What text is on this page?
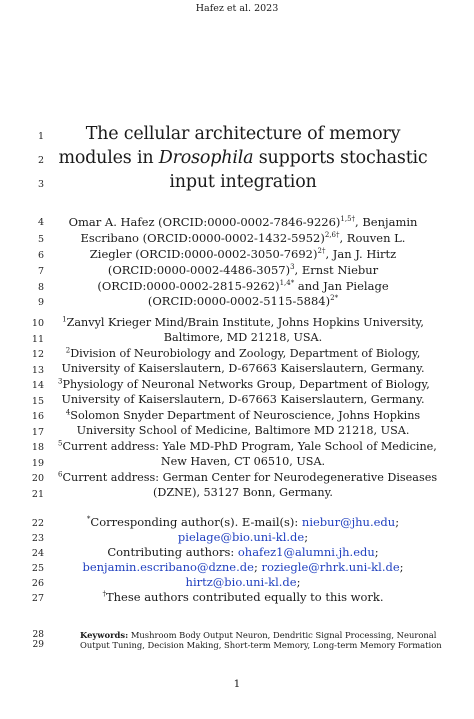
Hafez et al. 2023
1
2
3
4
5
6
7
8
9
10
11
12
13
14
15
16
17
18
19
20
21
22
23
24
25
26
27
28
29
The cellular architecture of memory
modules in Drosophila supports stochastic
input integration
Omar A. Hafez (ORCID:0000-0002-7846-9226)$^{1,5\dagger}$, Benjamin
Escribano (ORCID:0000-0002-1432-5952)$^{2,6\dagger}$, Rouven L.
Ziegler (ORCID:0000-0002-3050-7692)$^{2\dagger}$, Jan J. Hirtz
(ORCID:0000-0002-4486-3057)$^3$, Ernst Niebur
(ORCID:0000-0002-2815-9262)$^{1,4*}$ and Jan Pielage
(ORCID:0000-0002-5115-5884)$^{2*}$
$^1$Zanvyl Krieger Mind/Brain Institute, Johns Hopkins University,
Baltimore, MD 21218, USA.
$^2$Division of Neurobiology and Zoology, Department of Biology,
University of Kaiserslautern, D-67663 Kaiserslautern, Germany.
$^3$Physiology of Neuronal Networks Group, Department of Biology,
University of Kaiserslautern, D-67663 Kaiserslautern, Germany.
$^4$Solomon Snyder Department of Neuroscience, Johns Hopkins
University School of Medicine, Baltimore MD 21218, USA.
$^5$Current address: Yale MD-PhD Program, Yale School of Medicine,
New Haven, CT 06510, USA.
$^6$Current address: German Center for Neurodegenerative Diseases
(DZNE), 53127 Bonn, Germany.
*Corresponding author(s). E-mail(s): niebur@jhu.edu;
pielage@bio.uni-kl.de;
Contributing authors: ohafez1@alumni.jh.edu;
benjamin.escribano@dzne.de; roziegle@rhrk.uni-kl.de;
hirtz@bio.uni-kl.de;
†These authors contributed equally to this work.
Keywords: Mushroom Body Output Neuron, Dendritic Signal Processing, Neuronal
Output Tuning, Decision Making, Short-term Memory, Long-term Memory Formation
1
